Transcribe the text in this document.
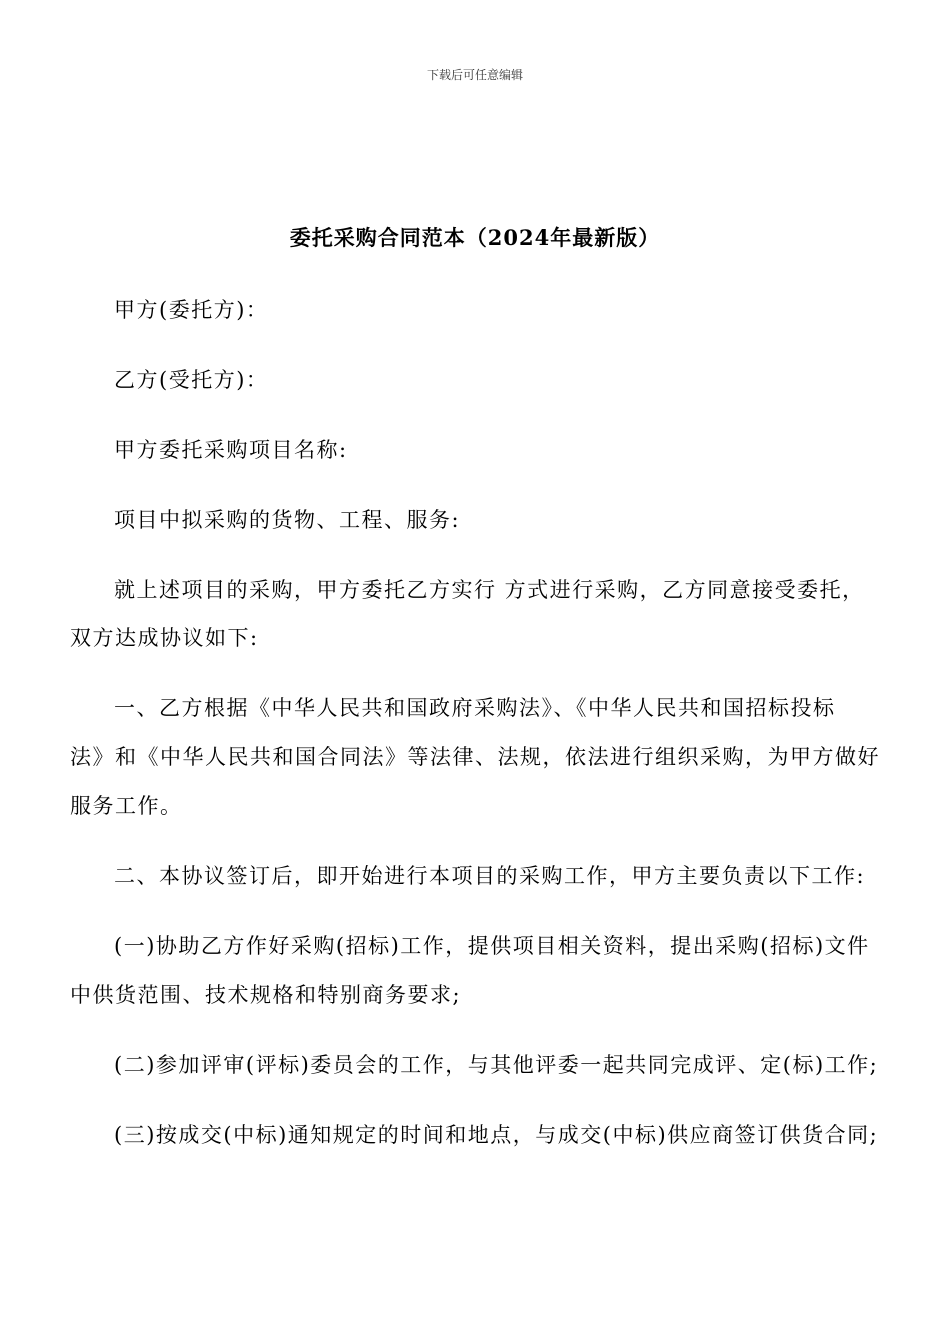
下载后可任意编辑
委托采购合同范本（2024年最新版）
甲方(委托方)：
乙方(受托方)：
甲方委托采购项目名称:
项目中拟采购的货物、工程、服务:
就上述项目的采购，甲方委托乙方实行 方式进行采购，乙方同意接受委托，
双方达成协议如下:
一、乙方根据《中华人民共和国政府采购法》、《中华人民共和国招标投标
法》和《中华人民共和国合同法》等法律、法规，依法进行组织采购，为甲方做好
服务工作。
二、本协议签订后，即开始进行本项目的采购工作，甲方主要负责以下工作:
(一)协助乙方作好采购(招标)工作，提供项目相关资料，提出采购(招标)文件
中供货范围、技术规格和特别商务要求;
(二)参加评审(评标)委员会的工作，与其他评委一起共同完成评、定(标)工作;
(三)按成交(中标)通知规定的时间和地点，与成交(中标)供应商签订供货合同;
